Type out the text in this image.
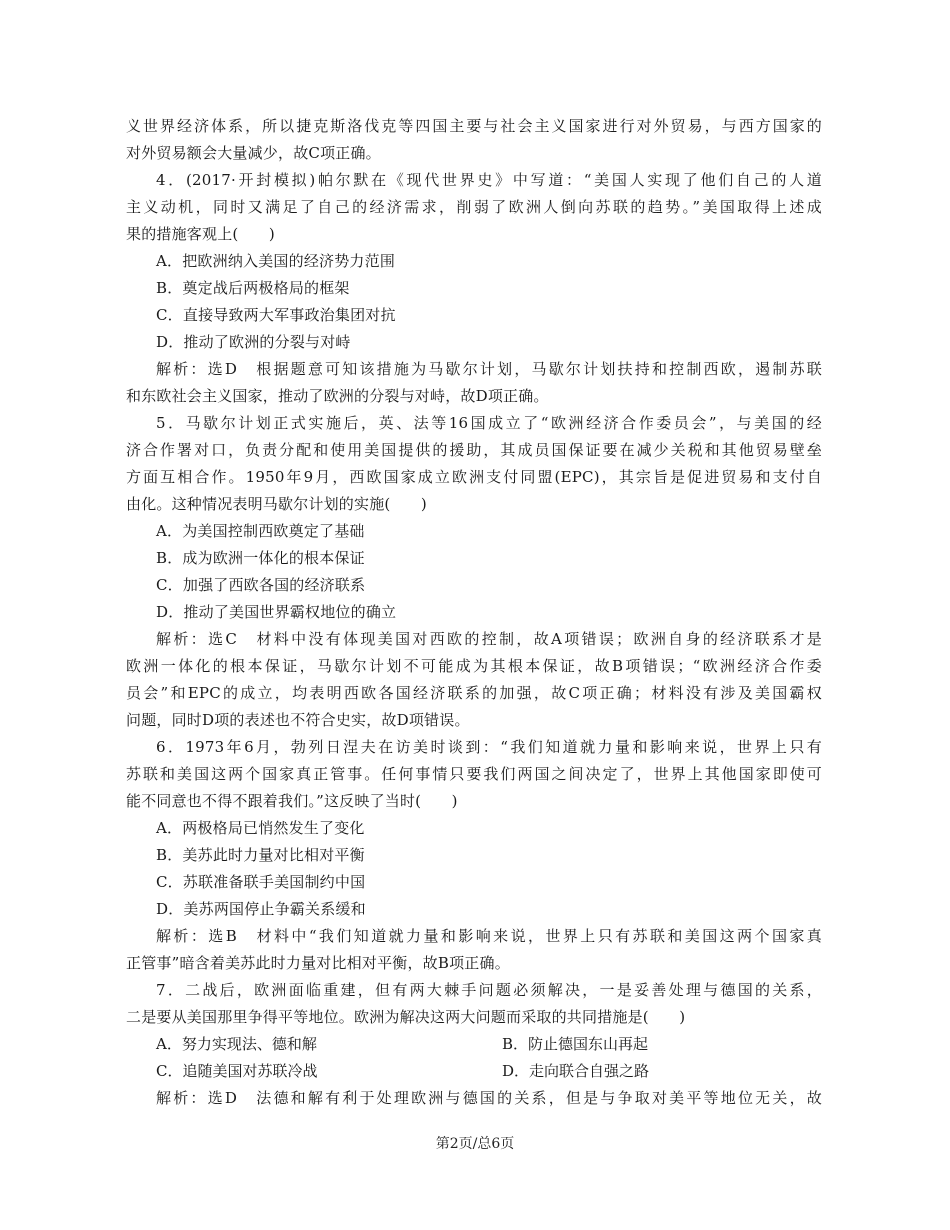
义世界经济体系，所以捷克斯洛伐克等四国主要与社会主义国家进行对外贸易，与西方国家的
对外贸易额会大量减少，故C项正确。
4．(2017·开封模拟)帕尔默在《现代世界史》中写道：“美国人实现了他们自己的人道
主义动机，同时又满足了自己的经济需求，削弱了欧洲人倒向苏联的趋势。”美国取得上述成
果的措施客观上(　　)
A．把欧洲纳入美国的经济势力范围
B．奠定战后两极格局的框架
C．直接导致两大军事政治集团对抗
D．推动了欧洲的分裂与对峙
解析：选D　根据题意可知该措施为马歇尔计划，马歇尔计划扶持和控制西欧，遏制苏联
和东欧社会主义国家，推动了欧洲的分裂与对峙，故D项正确。
5．马歇尔计划正式实施后，英、法等16国成立了“欧洲经济合作委员会”，与美国的经
济合作署对口，负责分配和使用美国提供的援助，其成员国保证要在减少关税和其他贸易壁垒
方面互相合作。1950年9月，西欧国家成立欧洲支付同盟(EPC)，其宗旨是促进贸易和支付自
由化。这种情况表明马歇尔计划的实施(　　)
A．为美国控制西欧奠定了基础
B．成为欧洲一体化的根本保证
C．加强了西欧各国的经济联系
D．推动了美国世界霸权地位的确立
解析：选C　材料中没有体现美国对西欧的控制，故A项错误；欧洲自身的经济联系才是
欧洲一体化的根本保证，马歇尔计划不可能成为其根本保证，故B项错误；“欧洲经济合作委
员会”和EPC的成立，均表明西欧各国经济联系的加强，故C项正确；材料没有涉及美国霸权
问题，同时D项的表述也不符合史实，故D项错误。
6．1973年6月，勃列日涅夫在访美时谈到：“我们知道就力量和影响来说，世界上只有
苏联和美国这两个国家真正管事。任何事情只要我们两国之间决定了，世界上其他国家即使可
能不同意也不得不跟着我们。”这反映了当时(　　)
A．两极格局已悄然发生了变化
B．美苏此时力量对比相对平衡
C．苏联准备联手美国制约中国
D．美苏两国停止争霸关系缓和
解析：选B　材料中“我们知道就力量和影响来说，世界上只有苏联和美国这两个国家真
正管事”暗含着美苏此时力量对比相对平衡，故B项正确。
7．二战后，欧洲面临重建，但有两大棘手问题必须解决，一是妥善处理与德国的关系，
二是要从美国那里争得平等地位。欧洲为解决这两大问题而采取的共同措施是(　　)
A．努力实现法、德和解	B．防止德国东山再起
C．追随美国对苏联冷战	D．走向联合自强之路
解析：选D　法德和解有利于处理欧洲与德国的关系，但是与争取对美平等地位无关，故
第2页/总6页
